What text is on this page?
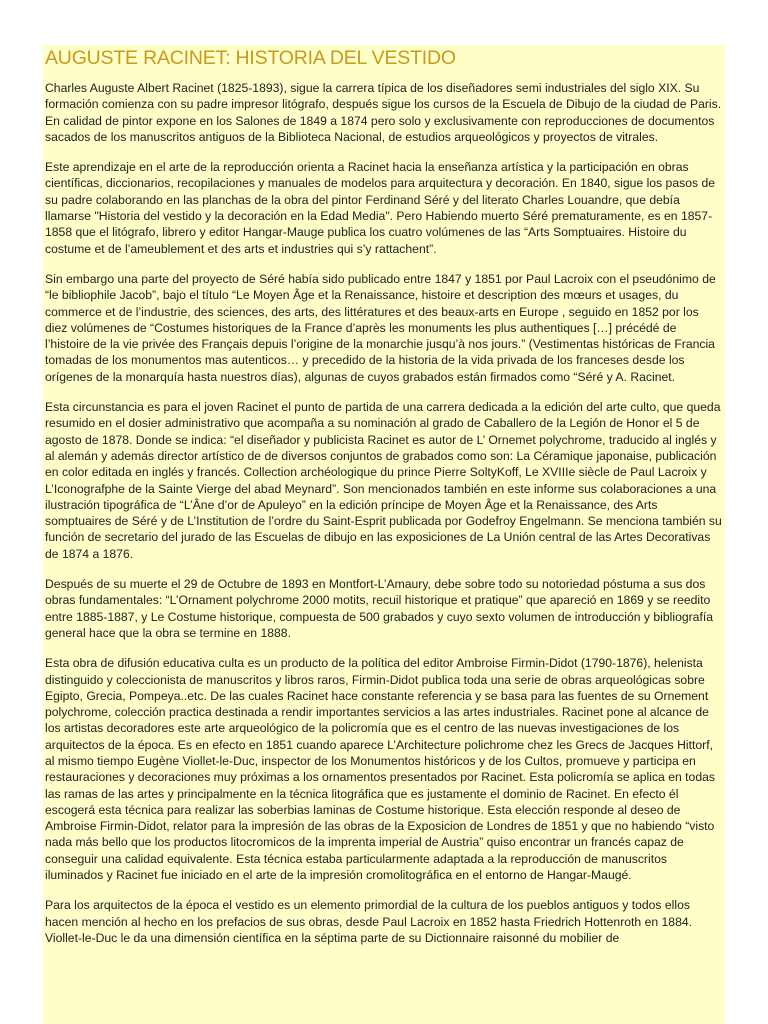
AUGUSTE RACINET: HISTORIA DEL VESTIDO

Charles Auguste Albert Racinet (1825-1893), sigue la carrera típica de los diseñadores semi industriales del siglo XIX. Su formación comienza con su padre impresor litógrafo, después sigue los cursos de la Escuela de Dibujo de la ciudad de Paris. En calidad de pintor expone en los Salones de 1849 a 1874 pero solo y exclusivamente con reproducciones de documentos sacados de los manuscritos antiguos de la Biblioteca Nacional, de estudios arqueológicos y proyectos de vitrales.

Este aprendizaje en el arte de la reproducción orienta a Racinet hacia la enseñanza artística y la participación en obras científicas, diccionarios, recopilaciones y manuales de modelos para arquitectura y decoración. En 1840, sigue los pasos de su padre colaborando en las planchas de la obra del pintor Ferdinand Séré y del literato Charles Louandre, que debía llamarse "Historia del vestido y la decoración en la Edad Media". Pero Habiendo muerto Séré prematuramente, es en 1857-1858 que el litógrafo, librero y editor Hangar-Mauge publica los cuatro volúmenes de las “Arts Somptuaires. Histoire du costume et de l’ameublement et des arts et industries qui s’y rattachent”.

Sin embargo una parte del proyecto de Séré había sido publicado entre 1847 y 1851 por Paul Lacroix con el pseudónimo de “le bibliophile Jacob”, bajo el título “Le Moyen Âge et la Renaissance, histoire et description des mœurs et usages, du commerce et de l’industrie, des sciences, des arts, des littératures et des beaux-arts en Europe , seguido en 1852 por los diez volúmenes de “Costumes historiques de la France d’après les monuments les plus authentiques […] précédé de l’histoire de la vie privée des Français depuis l’origine de la monarchie jusqu’à nos jours.” (Vestimentas históricas de Francia tomadas de los monumentos mas autenticos… y precedido de la historia de la vida privada de los franceses desde los orígenes de la monarquía hasta nuestros días), algunas de cuyos grabados están firmados como “Séré y A. Racinet.

Esta circunstancia es para el joven Racinet el punto de partida de una carrera dedicada a la edición del arte culto, que queda resumido en el dosier administrativo que acompaña a su nominación al grado de Caballero de la Legión de Honor el 5 de agosto de 1878. Donde se indica: “el diseñador y publicista Racinet es autor de L’ Ornemet polychrome, traducido al inglés y al alemán y además director artístico de de diversos conjuntos de grabados como son: La Céramique japonaise, publicación en color editada en inglés y francés. Collection archéologique du prince Pierre SoltyKoff, Le XVIIIe siècle de Paul Lacroix y L’Iconografphe de la Sainte Vierge del abad Meynard”. Son mencionados también en este informe sus colaboraciones a una ilustración tipográfica de “L’Âne d’or de Apuleyo” en la edición príncipe de Moyen Âge et la Renaissance, des Arts somptuaires de Séré y de L’Institution de l’ordre du Saint-Esprit publicada por Godefroy Engelmann. Se menciona también su función de secretario del jurado de las Escuelas de dibujo en las exposiciones de La Unión central de las Artes Decorativas de 1874 a 1876.

Después de su muerte el 29 de Octubre de 1893 en Montfort-L’Amaury, debe sobre todo su notoriedad póstuma a sus dos obras fundamentales: “L’Ornament polychrome 2000 motits, recuil historique et pratique” que apareció en 1869 y se reedito entre 1885-1887, y Le Costume historique, compuesta de 500 grabados y cuyo sexto volumen de introducción y bibliografía general hace que la obra se termine en 1888.

Esta obra de difusión educativa culta es un producto de la política del editor Ambroise Firmin-Didot (1790-1876), helenista distinguido y coleccionista de manuscritos y libros raros, Firmin-Didot publica toda una serie de obras arqueológicas sobre Egipto, Grecia, Pompeya..etc. De las cuales Racinet hace constante referencia y se basa para las fuentes de su Ornement polychrome, colección practica destinada a rendir importantes servicios a las artes industriales. Racinet pone al alcance de los artistas decoradores este arte arqueológico de la policromía que es el centro de las nuevas investigaciones de los arquitectos de la época. Es en efecto en 1851 cuando aparece L’Architecture polichrome chez les Grecs de Jacques Hittorf, al mismo tiempo Eugène Viollet-le-Duc, inspector de los Monumentos históricos y de los Cultos, promueve y participa en restauraciones y decoraciones muy próximas a los ornamentos presentados por Racinet. Esta policromía se aplica en todas las ramas de las artes y principalmente en la técnica litográfica que es justamente el dominio de Racinet. En efecto él escogerá esta técnica para realizar las soberbias laminas de Costume historique. Esta elección responde al deseo de Ambroise Firmin-Didot, relator para la impresión de las obras de la Exposicion de Londres de 1851 y que no habiendo “visto nada más bello que los productos litocromicos de la imprenta imperial de Austria” quiso encontrar un francés capaz de conseguir una calidad equivalente. Esta técnica estaba particularmente adaptada a la reproducción de manuscritos iluminados y Racinet fue iniciado en el arte de la impresión cromolitográfica en el entorno de Hangar-Maugé.

Para los arquitectos de la época el vestido es un elemento primordial de la cultura de los pueblos antiguos y todos ellos hacen mención al hecho en los prefacios de sus obras, desde Paul Lacroix en 1852 hasta Friedrich Hottenroth en 1884. Viollet-le-Duc le da una dimensión científica en la séptima parte de su Dictionnaire raisonné du mobilier de
